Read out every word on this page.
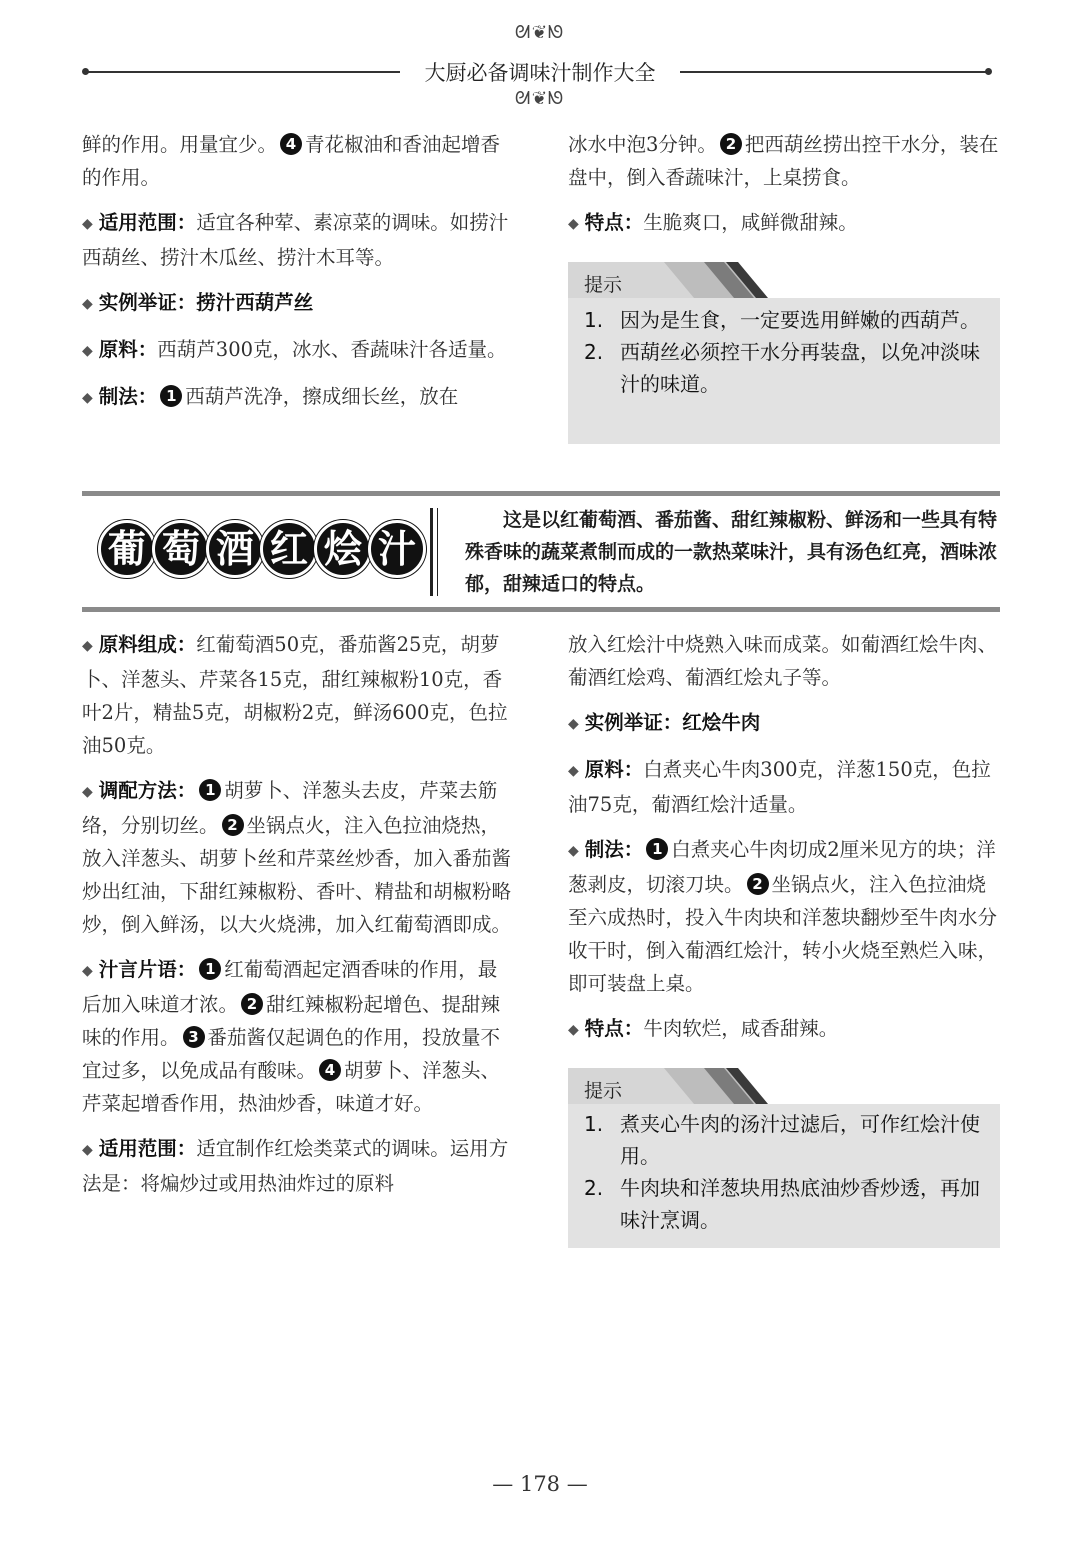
ᘛ❦ᘚ
大厨必备调味汁制作大全
ᘛ❦ᘚ

鲜的作用。用量宜少。 4 青花椒油和香油起增香的作用。

◆ 适用范围：适宜各种荤、素凉菜的调味。如捞汁西葫丝、捞汁木瓜丝、捞汁木耳等。

◆ 实例举证：捞汁西葫芦丝

◆ 原料：西葫芦300克，冰水、香蔬味汁各适量。

◆ 制法： 1 西葫芦洗净，擦成细长丝，放在

冰水中泡3分钟。 2 把西葫丝捞出控干水分，装在盘中，倒入香蔬味汁，上桌捞食。

◆ 特点：生脆爽口，咸鲜微甜辣。

提示
1. 因为是生食，一定要选用鲜嫩的西葫芦。
2. 西葫丝必须控干水分再装盘，以免冲淡味汁的味道。
葡 萄 酒 红 烩 汁
这是以红葡萄酒、番茄酱、甜红辣椒粉、鲜汤和一些具有特殊香味的蔬菜煮制而成的一款热菜味汁，具有汤色红亮，酒味浓郁，甜辣适口的特点。

◆ 原料组成：红葡萄酒50克，番茄酱25克，胡萝卜、洋葱头、芹菜各15克，甜红辣椒粉10克，香叶2片，精盐5克，胡椒粉2克，鲜汤600克，色拉油50克。

◆ 调配方法： 1 胡萝卜、洋葱头去皮，芹菜去筋络，分别切丝。 2 坐锅点火，注入色拉油烧热，放入洋葱头、胡萝卜丝和芹菜丝炒香，加入番茄酱炒出红油，下甜红辣椒粉、香叶、精盐和胡椒粉略炒，倒入鲜汤，以大火烧沸，加入红葡萄酒即成。

◆ 汁言片语： 1 红葡萄酒起定酒香味的作用，最后加入味道才浓。 2 甜红辣椒粉起增色、提甜辣味的作用。 3 番茄酱仅起调色的作用，投放量不宜过多，以免成品有酸味。 4 胡萝卜、洋葱头、芹菜起增香作用，热油炒香，味道才好。

◆ 适用范围：适宜制作红烩类菜式的调味。运用方法是：将煸炒过或用热油炸过的原料

放入红烩汁中烧熟入味而成菜。如葡酒红烩牛肉、葡酒红烩鸡、葡酒红烩丸子等。

◆ 实例举证：红烩牛肉

◆ 原料：白煮夹心牛肉300克，洋葱150克，色拉油75克，葡酒红烩汁适量。

◆ 制法： 1 白煮夹心牛肉切成2厘米见方的块；洋葱剥皮，切滚刀块。 2 坐锅点火，注入色拉油烧至六成热时，投入牛肉块和洋葱块翻炒至牛肉水分收干时，倒入葡酒红烩汁，转小火烧至熟烂入味，即可装盘上桌。

◆ 特点：牛肉软烂，咸香甜辣。

提示
1. 煮夹心牛肉的汤汁过滤后，可作红烩汁使用。
2. 牛肉块和洋葱块用热底油炒香炒透，再加味汁烹调。
— 178 —
